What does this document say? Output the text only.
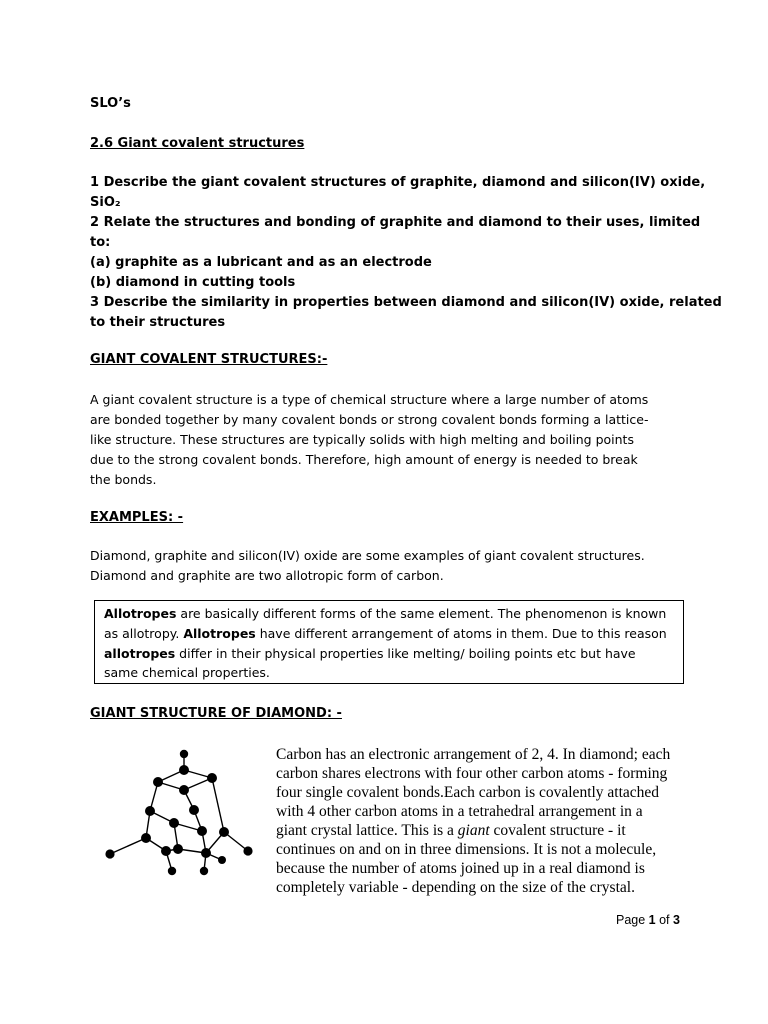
SLO’s
2.6 Giant covalent structures
1 Describe the giant covalent structures of graphite, diamond and silicon(IV) oxide,
SiO₂
2 Relate the structures and bonding of graphite and diamond to their uses, limited
to:
(a) graphite as a lubricant and as an electrode
(b) diamond in cutting tools
3 Describe the similarity in properties between diamond and silicon(IV) oxide, related
to their structures
GIANT COVALENT STRUCTURES:-
A giant covalent structure is a type of chemical structure where a large number of atoms
are bonded together by many covalent bonds or strong covalent bonds forming a lattice-
like structure. These structures are typically solids with high melting and boiling points
due to the strong covalent bonds. Therefore, high amount of energy is needed to break
the bonds.
EXAMPLES: -
Diamond, graphite and silicon(IV) oxide are some examples of giant covalent structures.
Diamond and graphite are two allotropic form of carbon.
Allotropes are basically different forms of the same element. The phenomenon is known
as allotropy. Allotropes have different arrangement of atoms in them. Due to this reason
allotropes differ in their physical properties like melting/ boiling points etc but have
same chemical properties.
GIANT STRUCTURE OF DIAMOND: -
Carbon has an electronic arrangement of 2, 4. In diamond; each
carbon shares electrons with four other carbon atoms - forming
four single covalent bonds.Each carbon is covalently attached
with 4 other carbon atoms in a tetrahedral arrangement in a
giant crystal lattice. This is a giant covalent structure - it
continues on and on in three dimensions. It is not a molecule,
because the number of atoms joined up in a real diamond is
completely variable - depending on the size of the crystal.
Page 1 of 3
